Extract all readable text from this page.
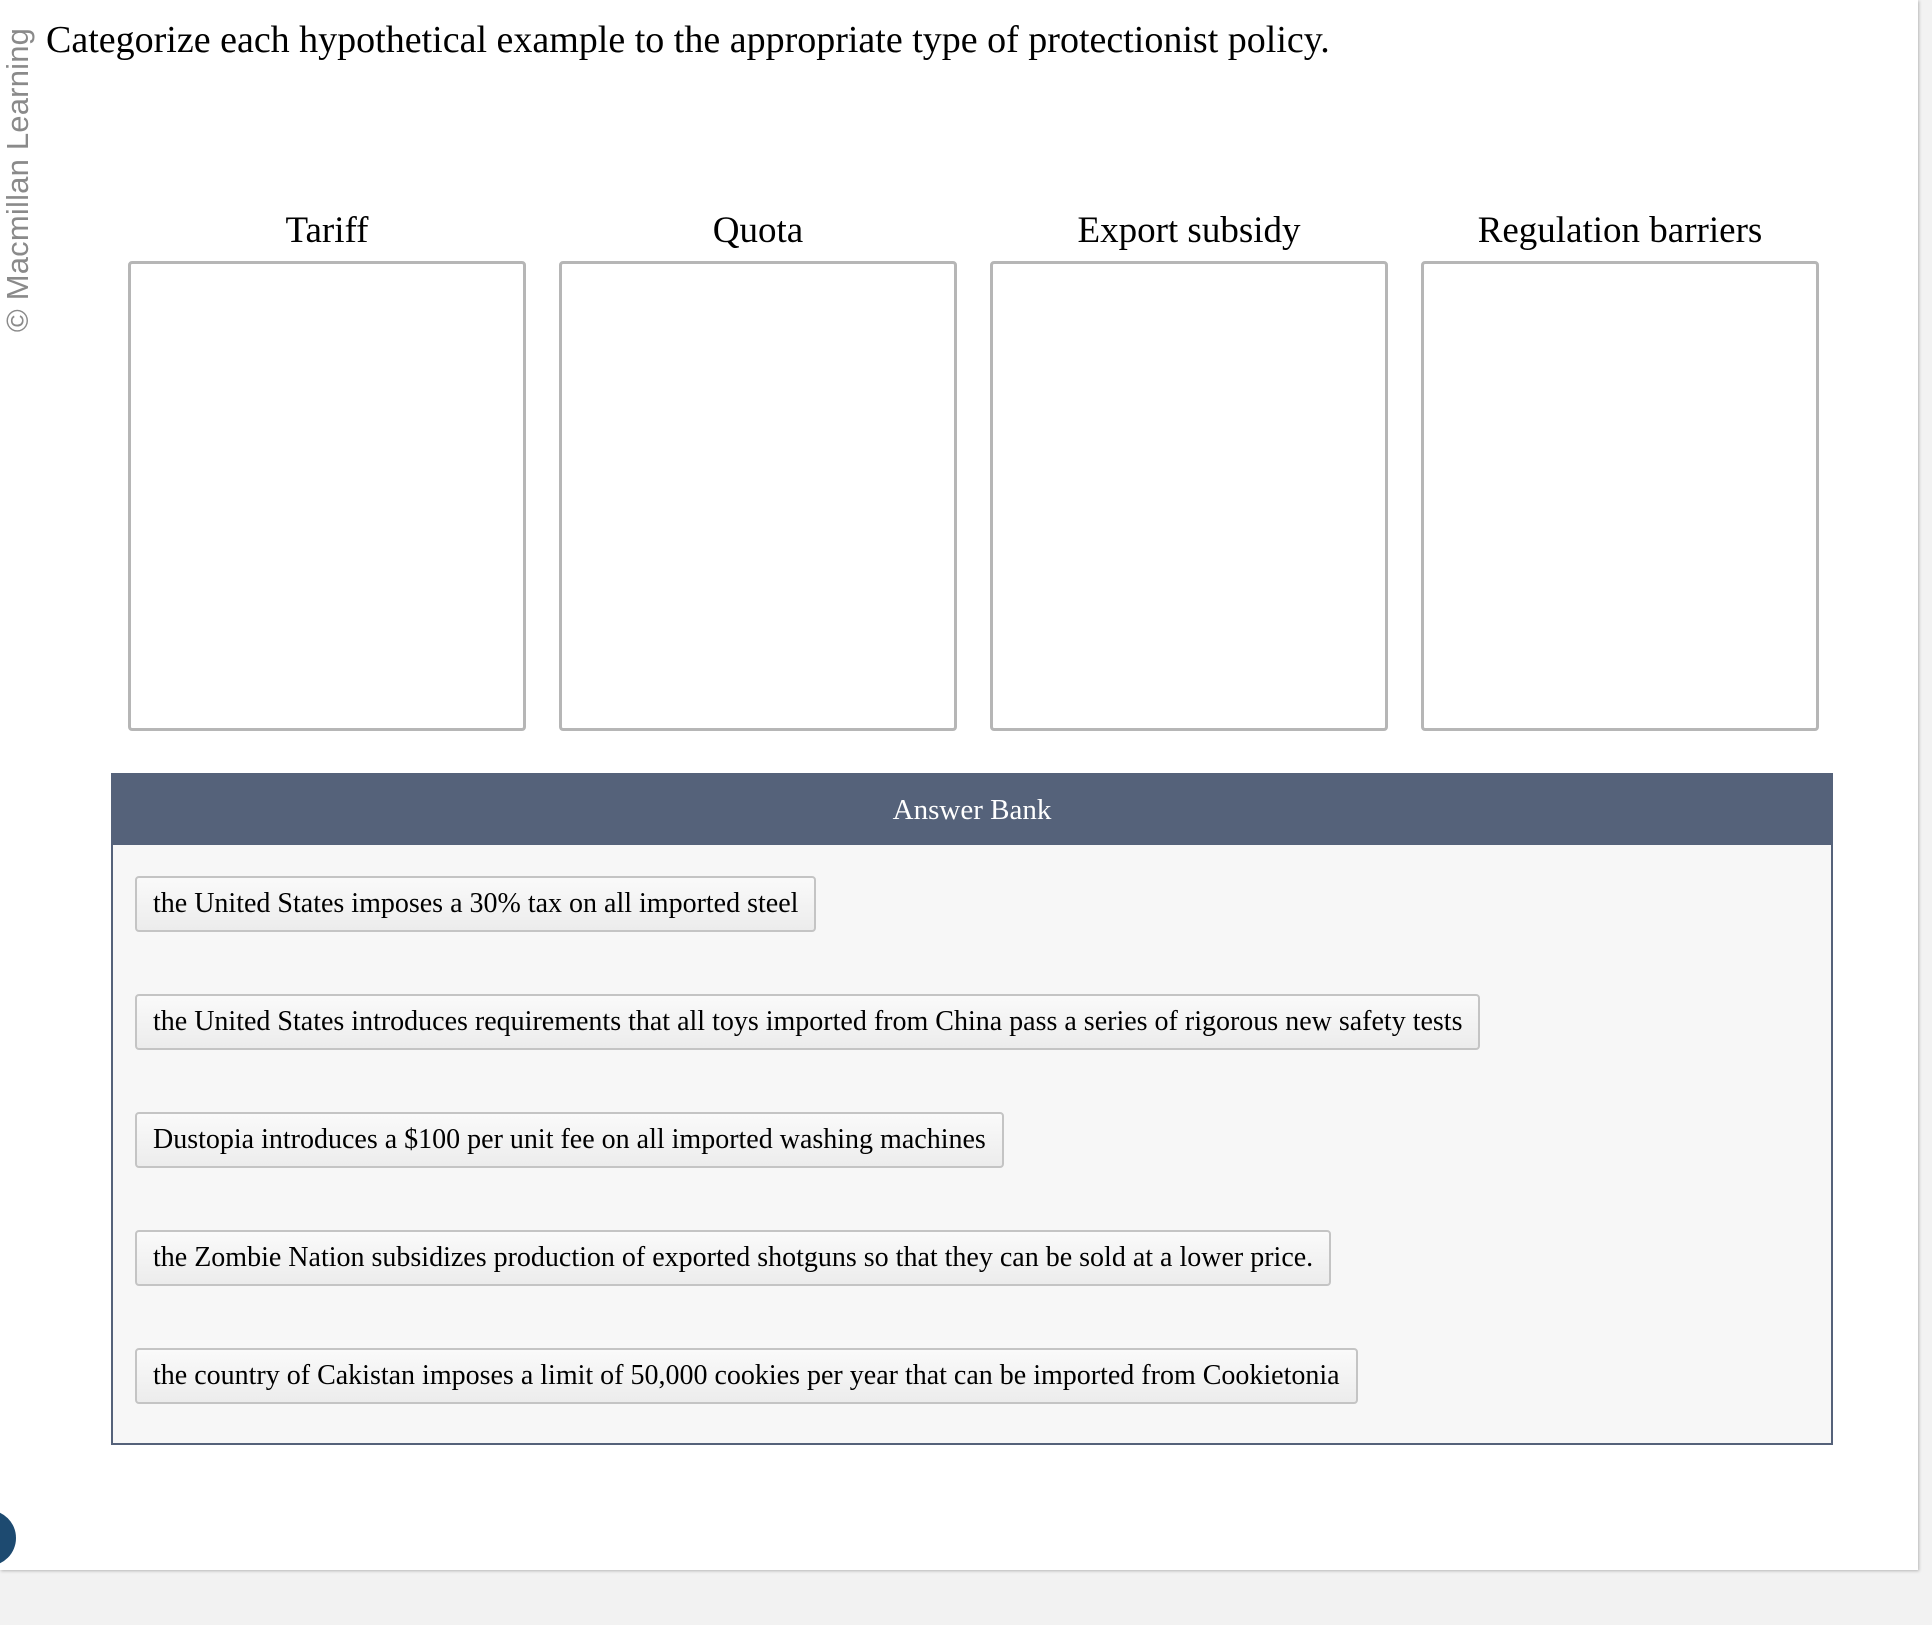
© Macmillan Learning Categorize each hypothetical example to the appropriate type of protectionist policy.
Tariff	Quota	Export subsidy	Regulation barriers
Answer Bank
the United States imposes a 30% tax on all imported steel
the United States introduces requirements that all toys imported from China pass a series of rigorous new safety tests
Dustopia introduces a $100 per unit fee on all imported washing machines
the Zombie Nation subsidizes production of exported shotguns so that they can be sold at a lower price.
the country of Cakistan imposes a limit of 50,000 cookies per year that can be imported from Cookietonia
